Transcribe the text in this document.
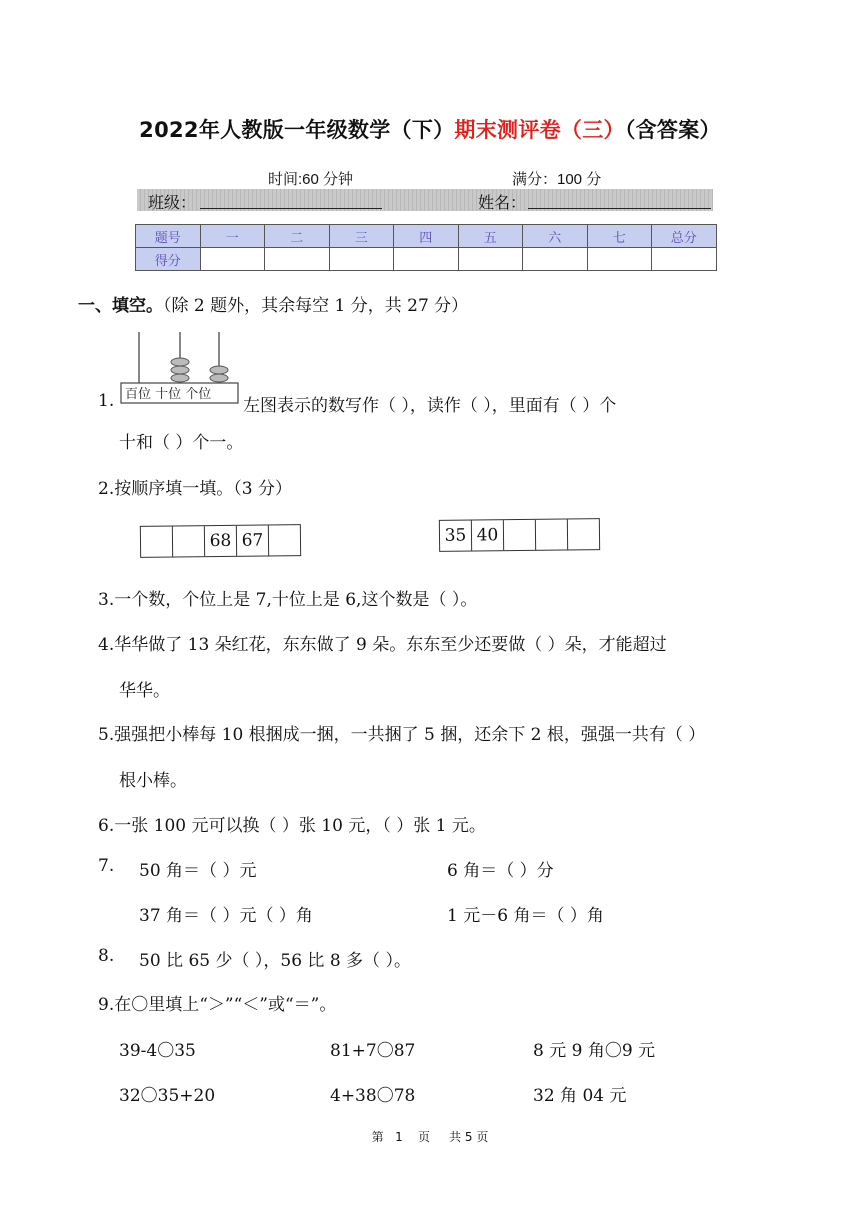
2022年人教版一年级数学（下）期末测评卷（三）（含答案）
时间:60 分钟	满分：100 分
班级：	姓名：
题号	一	二	三	四	五	六	七	总分
得分								
一、填空。（除 2 题外，其余每空 1 分，共 27 分）
1. 百位 十位 个位
左图表示的数写作（ ），读作（ ），里面有（ ）个
十和（ ）个一。
2.按顺序填一填。（3 分）
68 67	35 40
3.一个数，个位上是 7,十位上是 6,这个数是（ ）。
4.华华做了 13 朵红花，东东做了 9 朵。东东至少还要做（ ）朵，才能超过
华华。
5.强强把小棒每 10 根捆成一捆，一共捆了 5 捆，还余下 2 根，强强一共有（ ）
根小棒。
6.一张 100 元可以换（ ）张 10 元，（ ）张 1 元。
7. 50 角＝（ ）元	6 角＝（ ）分
37 角＝（ ）元（ ）角	1 元－6 角＝（ ）角
8. 50 比 65 少（ ），56 比 8 多（ ）。
9.在〇里填上“＞”“＜”或“＝”。
39-4〇35	81+7〇87	8 元 9 角〇9 元
32〇35+20	4+38〇78	32 角 04 元
第   1    页     共 5 页
